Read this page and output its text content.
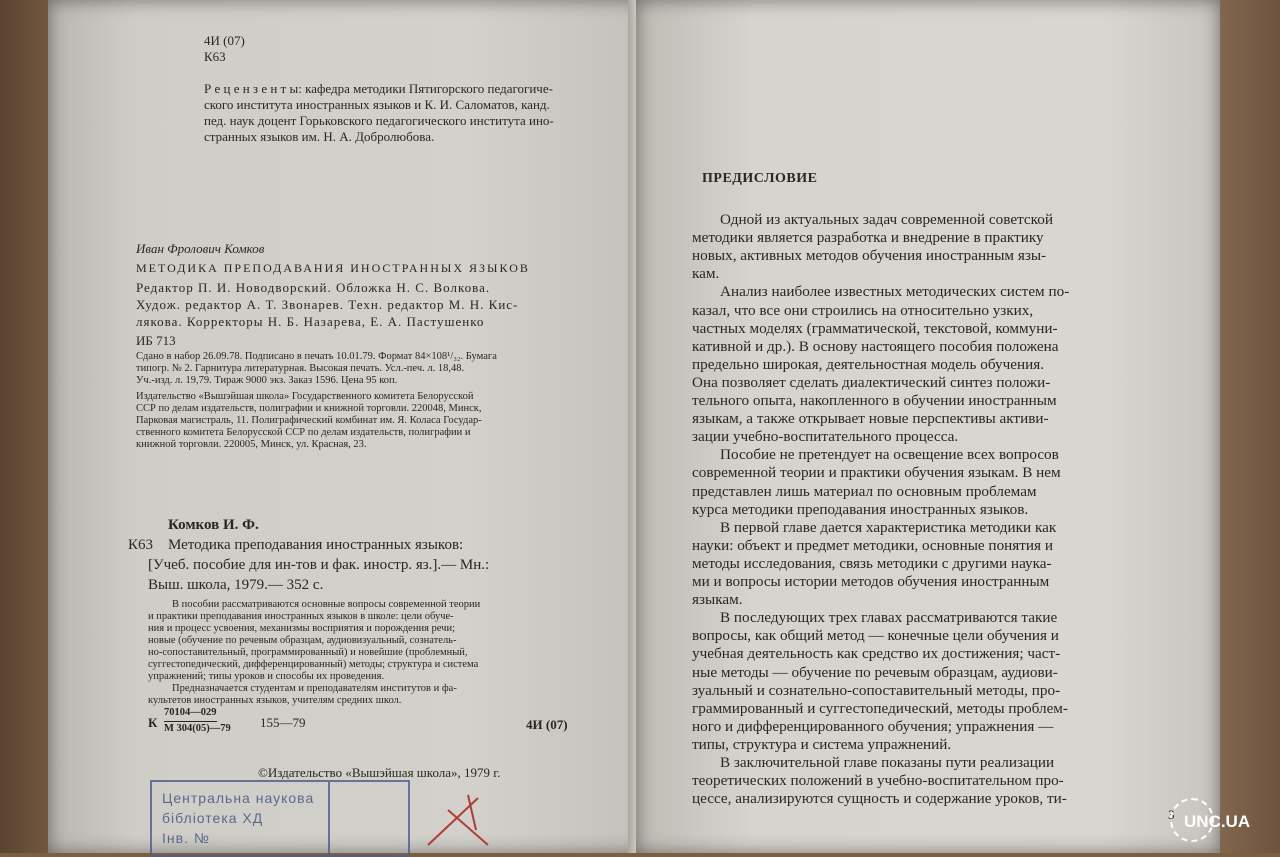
4И (07)
К63
Р е ц е н з е н т ы: кафедра методики Пятигорского педагогиче-
ского института иностранных языков и К. И. Саломатов, канд.
пед. наук доцент Горьковского педагогического института ино-
странных языков им. Н. А. Добролюбова.
Иван Фролович Комков
МЕТОДИКА ПРЕПОДАВАНИЯ ИНОСТРАННЫХ ЯЗЫКОВ
Редактор П. И. Новодворский. Обложка Н. С. Волкова.
Худож. редактор А. Т. Звонарев. Техн. редактор М. Н. Кис-
лякова. Корректоры Н. Б. Назарева, Е. А. Пастушенко
ИБ 713
Сдано в набор 26.09.78. Подписано в печать 10.01.79. Формат 84×108¹/₃₂. Бумага
типогр. № 2. Гарнитура литературная. Высокая печать. Усл.-печ. л. 18,48.
Уч.-изд. л. 19,79. Тираж 9000 экз. Заказ 1596. Цена 95 коп.
Издательство «Вышэйшая школа» Государственного комитета Белорусской
ССР по делам издательств, полиграфии и книжной торговли. 220048, Минск,
Парковая магистраль, 11. Полиграфический комбинат им. Я. Коласа Государ-
ственного комитета Белорусской ССР по делам издательств, полиграфии и
книжной торговли. 220005, Минск, ул. Красная, 23.
Комков И. Ф.
К63 Методика преподавания иностранных языков:
[Учеб. пособие для ин-тов и фак. иностр. яз.].— Мн.:
Выш. школа, 1979.— 352 с.
В пособии рассматриваются основные вопросы современной теории
и практики преподавания иностранных языков в школе: цели обуче-
ния и процесс усвоения, механизмы восприятия и порождения речи;
новые (обучение по речевым образцам, аудиовизуальный, сознатель-
но-сопоставительный, программированный) и новейшие (проблемный,
суггестопедический, дифференцированный) методы; структура и система
упражнений; типы уроков и способы их проведения.
Предназначается студентам и преподавателям институтов и фа-
культетов иностранных языков, учителям средних школ.
К
70104—029
М 304(05)—79 155—79	4И (07)
©Издательство «Вышэйшая школа», 1979 г.
Центральна наукова
бібліотека ХД
Інв. №
ПРЕДИСЛОВИЕ
Одной из актуальных задач современной советской
методики является разработка и внедрение в практику
новых, активных методов обучения иностранным язы-
кам.
Анализ наиболее известных методических систем по-
казал, что все они строились на относительно узких,
частных моделях (грамматической, текстовой, коммуни-
кативной и др.). В основу настоящего пособия положена
предельно широкая, деятельностная модель обучения.
Она позволяет сделать диалектический синтез положи-
тельного опыта, накопленного в обучении иностранным
языкам, а также открывает новые перспективы активи-
зации учебно-воспитательного процесса.
Пособие не претендует на освещение всех вопросов
современной теории и практики обучения языкам. В нем
представлен лишь материал по основным проблемам
курса методики преподавания иностранных языков.
В первой главе дается характеристика методики как
науки: объект и предмет методики, основные понятия и
методы исследования, связь методики с другими наука-
ми и вопросы истории методов обучения иностранным
языкам.
В последующих трех главах рассматриваются такие
вопросы, как общий метод — конечные цели обучения и
учебная деятельность как средство их достижения; част-
ные методы — обучение по речевым образцам, аудиови-
зуальный и сознательно-сопоставительный методы, про-
граммированный и суггестопедический, методы проблем-
ного и дифференцированного обучения; упражнения —
типы, структура и система упражнений.
В заключительной главе показаны пути реализации
теоретических положений в учебно-воспитательном про-
цессе, анализируются сущность и содержание уроков, ти-
3 UNC.UA
